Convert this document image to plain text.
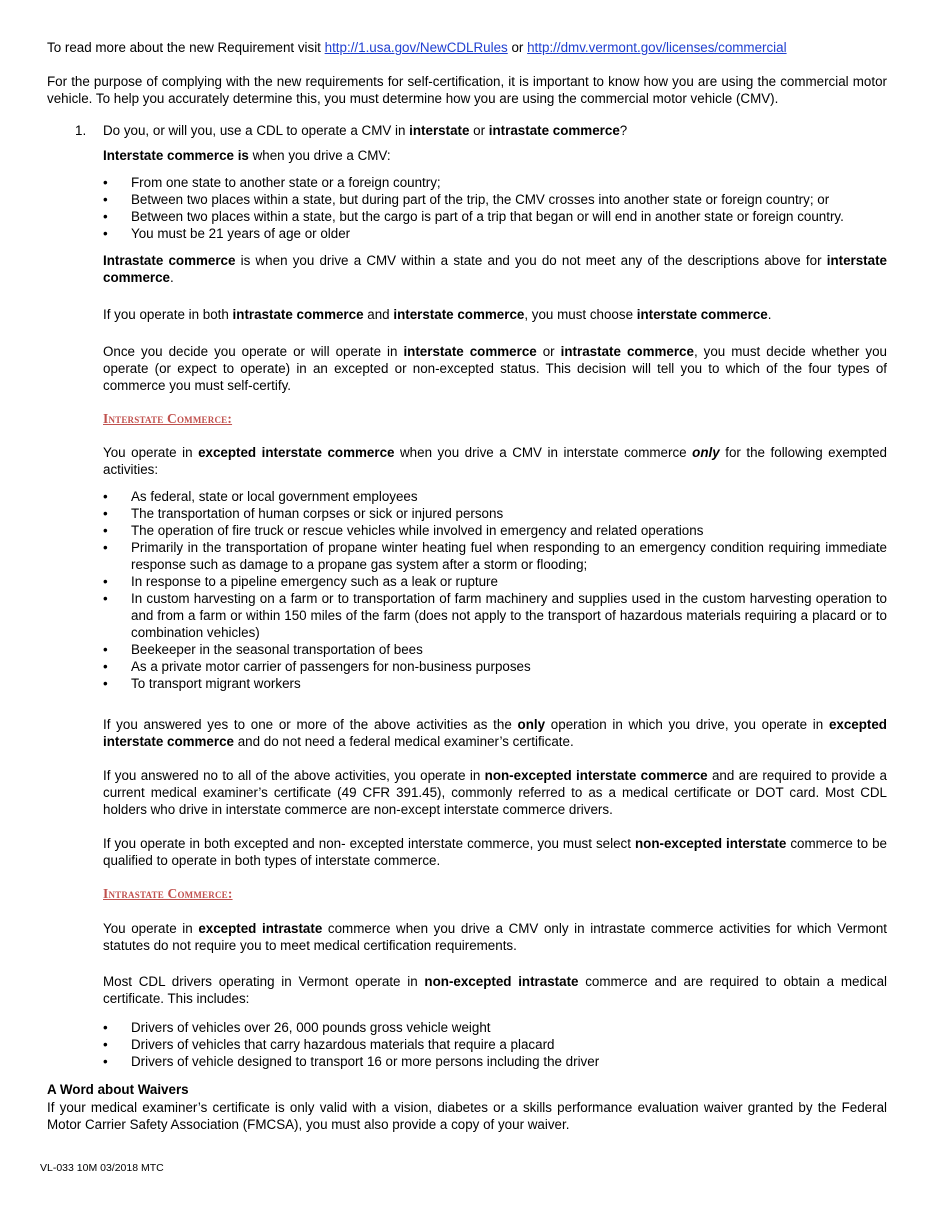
To read more about the new Requirement visit http://1.usa.gov/NewCDLRules or http://dmv.vermont.gov/licenses/commercial

For the purpose of complying with the new requirements for self-certification, it is important to know how you are using the commercial motor vehicle. To help you accurately determine this, you must determine how you are using the commercial motor vehicle (CMV).

1. Do you, or will you, use a CDL to operate a CMV in interstate or intrastate commerce?

Interstate commerce is when you drive a CMV:

• From one state to another state or a foreign country;
• Between two places within a state, but during part of the trip, the CMV crosses into another state or foreign country; or
• Between two places within a state, but the cargo is part of a trip that began or will end in another state or foreign country.
• You must be 21 years of age or older

Intrastate commerce is when you drive a CMV within a state and you do not meet any of the descriptions above for interstate commerce.

If you operate in both intrastate commerce and interstate commerce, you must choose interstate commerce.

Once you decide you operate or will operate in interstate commerce or intrastate commerce, you must decide whether you operate (or expect to operate) in an excepted or non-excepted status. This decision will tell you to which of the four types of commerce you must self-certify.

Interstate Commerce:

You operate in excepted interstate commerce when you drive a CMV in interstate commerce only for the following exempted activities:

• As federal, state or local government employees
• The transportation of human corpses or sick or injured persons
• The operation of fire truck or rescue vehicles while involved in emergency and related operations
• Primarily in the transportation of propane winter heating fuel when responding to an emergency condition requiring immediate response such as damage to a propane gas system after a storm or flooding;
• In response to a pipeline emergency such as a leak or rupture
• In custom harvesting on a farm or to transportation of farm machinery and supplies used in the custom harvesting operation to and from a farm or within 150 miles of the farm (does not apply to the transport of hazardous materials requiring a placard or to combination vehicles)
• Beekeeper in the seasonal transportation of bees
• As a private motor carrier of passengers for non-business purposes
• To transport migrant workers

If you answered yes to one or more of the above activities as the only operation in which you drive, you operate in excepted interstate commerce and do not need a federal medical examiner’s certificate.

If you answered no to all of the above activities, you operate in non-excepted interstate commerce and are required to provide a current medical examiner’s certificate (49 CFR 391.45), commonly referred to as a medical certificate or DOT card. Most CDL holders who drive in interstate commerce are non-except interstate commerce drivers.

If you operate in both excepted and non- excepted interstate commerce, you must select non-excepted interstate commerce to be qualified to operate in both types of interstate commerce.

Intrastate Commerce:

You operate in excepted intrastate commerce when you drive a CMV only in intrastate commerce activities for which Vermont statutes do not require you to meet medical certification requirements.

Most CDL drivers operating in Vermont operate in non-excepted intrastate commerce and are required to obtain a medical certificate. This includes:

• Drivers of vehicles over 26, 000 pounds gross vehicle weight
• Drivers of vehicles that carry hazardous materials that require a placard
• Drivers of vehicle designed to transport 16 or more persons including the driver

A Word about Waivers

If your medical examiner’s certificate is only valid with a vision, diabetes or a skills performance evaluation waiver granted by the Federal Motor Carrier Safety Association (FMCSA), you must also provide a copy of your waiver.

VL-033 10M 03/2018 MTC
